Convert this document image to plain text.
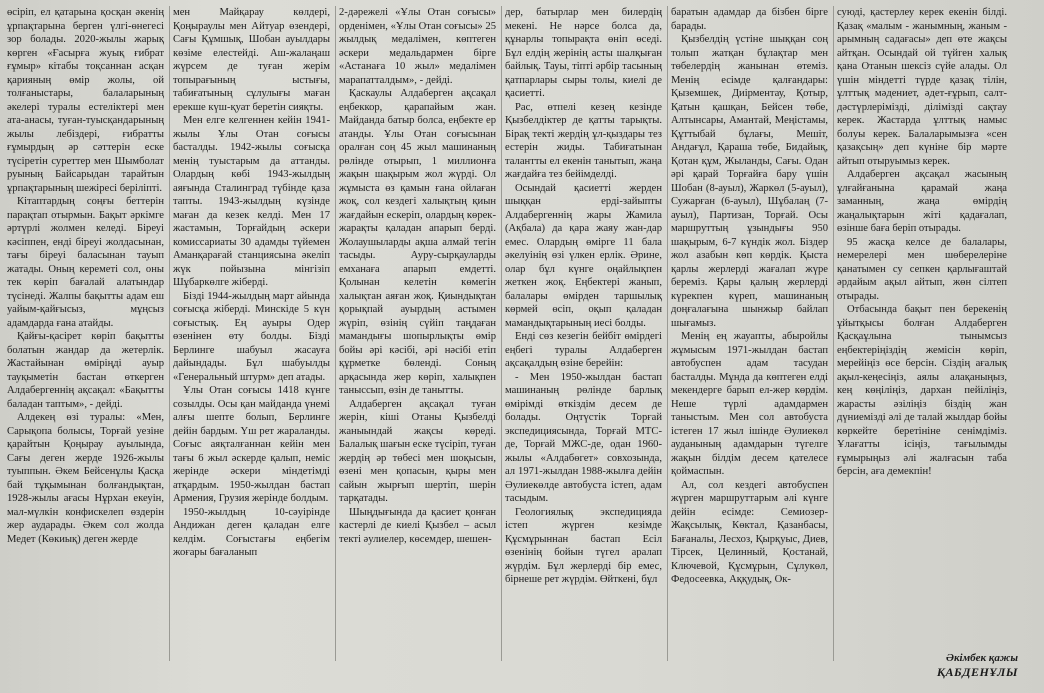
өсіріп, ел қатарына қосқан әкенің ұрпақтарына берген үлгі-өнегесі зор болады. 2020-жылы жарық көрген «Ғасырға жуық ғибрат ғұмыр» кітабы тоқсаннан асқан қарияның өмір жолы, ой толғаныстары, балаларының әкелері туралы естеліктері мен ата-анасы, туған-туысқандарының жылы лебіздері, ғибратты ғұмырдың әр сәттерін еске түсіретін суреттер мен Шымболат руының Байсарыдан тарайтын ұрпақтарының шежіресі беріліпті.

Кітаптардың соңғы беттерін парақтап отырмын. Бақыт әркімге әртүрлі жолмен келеді. Біреуі кәсіппен, енді біреуі жолдасынан, тағы біреуі баласынан тауып жатады. Оның кереметі сол, оны тек көріп бағалай алатындар түсінеді. Жалпы бақытты адам еш уайым-қайғысыз, мұңсыз адамдарда ғана атайды.

Қайғы-қасірет көріп бақытты болатын жандар да жетерлік. Жастайынан өміріңді ауыр тауқыметін бастан өткерген Алдабергеннің ақсақал: «Бақытты баладан таптым», - дейді.

Алдекең өзі туралы: «Мен, Сарықопа болысы, Торғай уезіне қарайтын Қоңырау ауылында, Сағы деген жерде 1926-жылы туыппын. Әкем Бейсенұлы Қасқа бай тұқымынан болғандықтан, 1928-жылы ағасы Нұрхан екеуін, мал-мүлкін конфискелеп өздерін жер аударады. Әкем сол жолда Медет (Көкиық) деген жерде

мен Майқарау көлдері, Қоңыраулы мен Айтуар өзендері, Сағы Құмшық, Шобан ауылдары көзіме елестейді. Аш-жалаңаш жүрсем де туған жерім топырағының ыстығы, табиғатының сұлулығы маған ерекше күш-қуат беретін сияқты.

Мен елге келгеннен кейін 1941-жылы Ұлы Отан соғысы басталды. 1942-жылы соғысқа менің туыстарым да аттанды. Олардың көбі 1943-жылдың аяғында Сталинград түбінде қаза тапты. 1943-жылдың күзінде маған да кезек келді. Мен 17 жастамын, Торғайдың әскери комиссариаты 30 адамды түйемен Аманқарағай станциясына әкеліп жүк пойызына мінгізіп Шұбаркөлге жіберді.

Бізді 1944-жылдың март айында соғысқа жіберді. Минскіде 5 күн соғыстық. Ең ауыры Одер өзенінен өту болды. Бізді Берлинге шабуыл жасауға дайындады. Бұл шабуылды «Генеральный штурм» деп атады.

Ұлы Отан соғысы 1418 күнге созылды. Осы қан майданда үнемі алғы шепте болып, Берлинге дейін бардым. Үш рет жараланды. Соғыс аяқталғаннан кейін мен тағы 6 жыл әскерде қалып, неміс жерінде әскери міндетімді атқардым. 1950-жылдан бастап Армения, Грузия жерінде болдым.

1950-жылдың 10-сәуірінде Андижан деген қаладан елге келдім. Соғыстағы еңбегім жоғары бағаланып

2-дәрежелі «Ұлы Отан соғысы» орденімен, «Ұлы Отан соғысы» 25 жылдық медалімен, көптеген әскери медальдармен бірге «Астанаға 10 жыл» медалімен марапатталдым», - дейді.

Қаскаулы Алдаберген ақсақал еңбеккор, қарапайым жан. Майданда батыр болса, еңбекте ер атанды. Ұлы Отан соғысынан оралған соң 45 жыл машинаның рөлінде отырып, 1 миллионға жақын шақырым жол жүрді. Ол жұмыста өз қамын ғана ойлаған жоқ, сол кездегі халықтың қиын жағдайын ескеріп, олардың көрек-жарақты қаладан апарып берді. Жолаушыларды ақша алмай тегін тасыды. Ауру-сырқауларды емханаға апарып емдетті. Қолынан келетін көмегін халықтан аяған жоқ. Қиындықтан қорықпай ауырдың астымен жүріп, өзінің сүйіп таңдаған мамандығы шопырлықты өмір бойы әрі кәсібі, әрі нәсібі етіп құрметке бөленді. Соның арқасында жер көріп, халықпен таныссып, өзін де танытты.

Алдаберген ақсақал туған жерін, кіші Отаны Қызбелді жаныындай жақсы көреді. Балалық шағын еске түсіріп, туған жердің әр төбесі мен шоқысын, өзені мен қопасын, қыры мен сайын жырғып шертіп, шерін тарқатады.

Шыңдығында да қасиет қонған кастерлі де киелі Қызбел – асыл текті әулиелер, көсемдер, шешен-

дер, батырлар мен билердің мекені. Не нәрсе болса да, құнарлы топырақта өніп өседі. Бұл елдің жерінің асты шалқыған байлық. Тауы, тіпті әрбір тасының қатпарлары сыры толы, киелі де қасиетті.

Рас, өтпелі кезең кезінде Қызбелдіктер де қатты тарықты. Бірақ текті жердің ұл-қыздары тез естерін жиды. Табиғатынан талантты ел екенін танытып, жаңа жағдайға тез бейімделді.

Осындай қасиетті жерден шыққан ерді-зайыпты Алдабергеннің жары Жамила (Ақбала) да қара жаяу жан-дар емес. Олардың өмірге 11 бала әкелуінің өзі үлкен ерлік. Әрине, олар бұл күнге оңайлықпен жеткен жоқ. Еңбектері жанып, балалары өмірден таршылық көрмей өсіп, оқып қаладан мамандықтарының иесі болды.

Енді сөз кезегін бейбіт өмірдегі еңбегі туралы Алдаберген ақсақалдың өзіне берейін:

- Мен 1950-жылдан бастап машинаның рөлінде барлық өмірімді өткіздім десем де болады. Оңтүстік Торғай экспедициясында, Торғай МТС-де, Торғай МЖС-де, одан 1960-жылы «Алдабөгет» совхозында, ал 1971-жылдан 1988-жылға дейін Әулиекөлде автобуста істеп, адам тасыдым.

Геологиялық экспедицияда істеп жүрген кезімде Құсмұрыннан бастап Есіл өзенінің бойын түгел аралап жүрдім. Бұл жерлерді бір емес, бірнеше рет жүрдім. Өйткені, бұл

баратын адамдар да бізбен бірге барады.

Қызбелдің үстіне шыққан соң толып жатқан бұлақтар мен төбелердің жанынан өтеміз. Менің есімде қалғандары: Қыземшек, Диірментау, Қотыр, Қатын қашқан, Бейсен төбе, Алтынсары, Амантай, Меңістамы, Құттыбай бұлағы, Мешіт, Андағұл, Қараша төбе, Бидайық, Қотан құм, Жыланды, Сағы. Одан әрі қарай Торғайға бару үшін Шобан (8-ауыл), Жаркөл (5-ауыл), Сужарған (6-ауыл), Шұбалаң (7-ауыл), Партизан, Торғай. Осы маршруттың ұзындығы 950 шақырым, 6-7 күндік жол. Біздер жол азабын көп көрдік. Қыста қарлы жерлерді жағалап жүре береміз. Қары қалың жерлерді күрекпен күреп, машинаның доңғалағына шынжыр байлап шығамыз.

Менің ең жауапты, абыройлы жұмысым 1971-жылдан бастап автобуспен адам тасудан басталды. Мұнда да көптеген елді мекендерге барып ел-жер көрдім. Неше түрлі адамдармен таныстым. Мен сол автобуста істеген 17 жыл ішінде Әулиекөл ауданының адамдарын түгелге жақын білдім десем қателесе қоймаспын.

Ал, сол кездегі автобуспен жүрген маршруттарым әлі күнге дейін есімде: Семиозер-Жақсылық, Көктал, Қазанбасы, Бағаналы, Лесхоз, Қырқуыс, Диев, Тірсек, Целинный, Қостанай, Ключевой, Құсмұрын, Сұлукөл, Федосеевка, Аққудық, Ок-

суюді, қастерлеу керек екенін білді. Қазақ «малым - жанымның, жаным - арымның садағасы» деп өте жақсы айтқан. Осындай ой түйген халық қана Отанын шексіз сүйе алады. Ол үшін міндетті түрде қазақ тілін, ұлттық мәдениет, әдет-ғұрып, салт-дәстүрлерімізді, ділімізді сақтау керек. Жастарда ұлттық намыс болуы керек. Балаларымызға «сен қазақсың» деп күніне бір мәрте айтып отыруымыз керек.

Алдаберген ақсақал жасының ұлғайғанына қарамай жаңа заманның, жаңа өмірдің жаңалықтарын жіті қадағалап, өзінше баға беріп отырады.

95 жасқа келсе де балалары, немерелері мен шөберелеріне қанатымен су сепкен қарлығаштай әрдайым ақыл айтып, жөн сілтеп отырады.

Отбасында бақыт пен берекенің ұйытқысы болған Алдаберген Қасқаұлына тынымсыз еңбектеріңіздің жемісін көріп, мерейіңіз өсе берсін. Сіздің ағалық ақыл-кеңесіңіз, аялы алақаныңыз, кең көңіліңіз, дархан пейіліңіз, жарасты әзіліңіз біздің жан дүниемізді әлі де талай жылдар бойы көркейте беретініне сенімдіміз. Ұлағатты ісіңіз, тағылымды ғұмырыңыз әлі жалғасын таба берсін, аға демекпін!

Әкімбек қажы
ҚАБДЕНҰЛЫ
